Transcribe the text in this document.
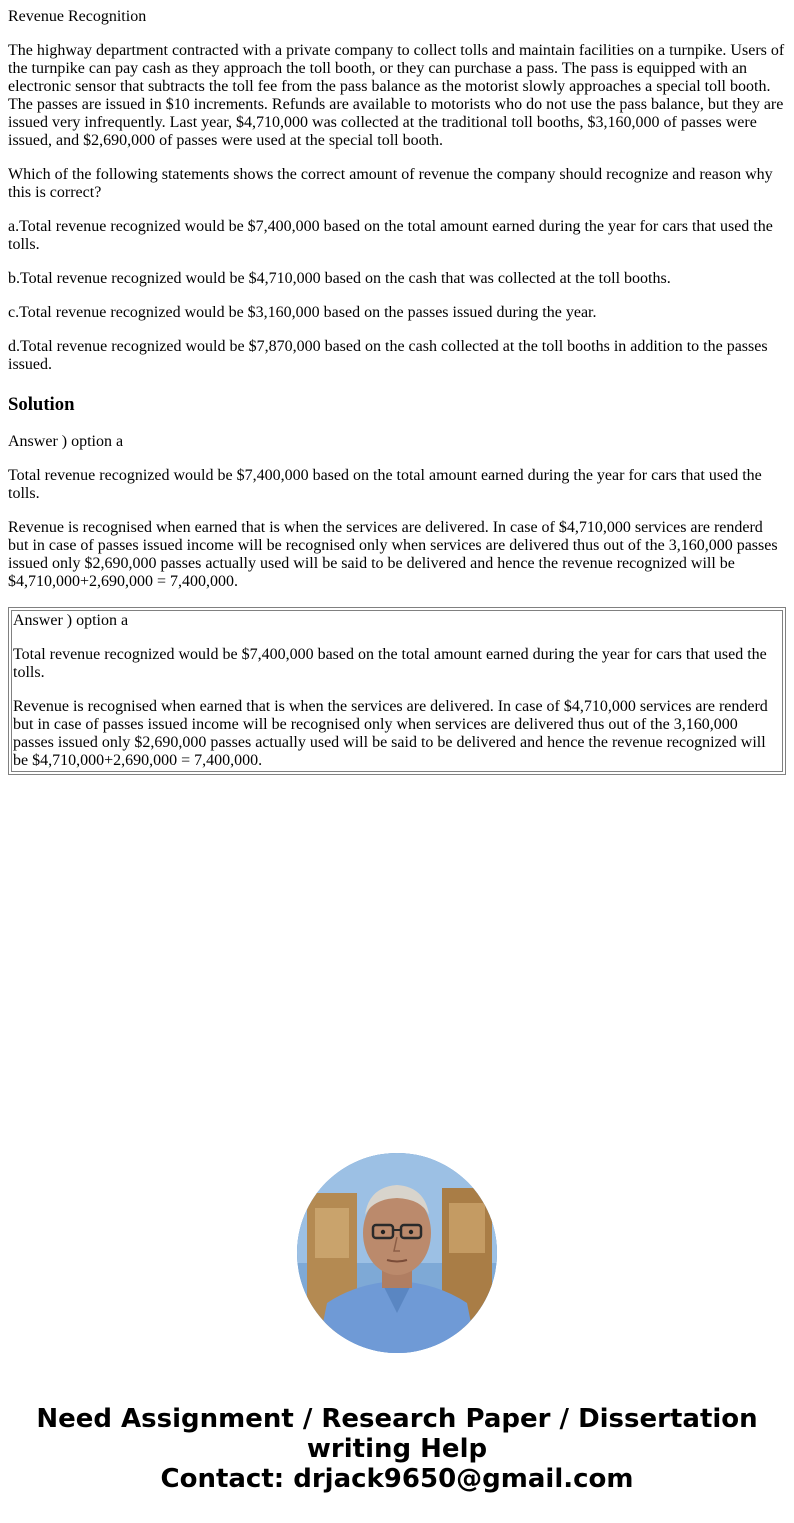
Revenue Recognition

The highway department contracted with a private company to collect tolls and maintain facilities on a turnpike. Users of the turnpike can pay cash as they approach the toll booth, or they can purchase a pass. The pass is equipped with an electronic sensor that subtracts the toll fee from the pass balance as the motorist slowly approaches a special toll booth. The passes are issued in $10 increments. Refunds are available to motorists who do not use the pass balance, but they are issued very infrequently. Last year, $4,710,000 was collected at the traditional toll booths, $3,160,000 of passes were issued, and $2,690,000 of passes were used at the special toll booth.

Which of the following statements shows the correct amount of revenue the company should recognize and reason why this is correct?

a.Total revenue recognized would be $7,400,000 based on the total amount earned during the year for cars that used the tolls.

b.Total revenue recognized would be $4,710,000 based on the cash that was collected at the toll booths.

c.Total revenue recognized would be $3,160,000 based on the passes issued during the year.

d.Total revenue recognized would be $7,870,000 based on the cash collected at the toll booths in addition to the passes issued.

Solution

Answer ) option a

Total revenue recognized would be $7,400,000 based on the total amount earned during the year for cars that used the tolls.

Revenue is recognised when earned that is when the services are delivered. In case of $4,710,000 services are renderd but in case of passes issued income will be recognised only when services are delivered thus out of the 3,160,000 passes issued only $2,690,000 passes actually used will be said to be delivered and hence the revenue recognized will be $4,710,000+2,690,000 = 7,400,000.

Answer ) option a

Total revenue recognized would be $7,400,000 based on the total amount earned during the year for cars that used the tolls.

Revenue is recognised when earned that is when the services are delivered. In case of $4,710,000 services are renderd but in case of passes issued income will be recognised only when services are delivered thus out of the 3,160,000 passes issued only $2,690,000 passes actually used will be said to be delivered and hence the revenue recognized will be $4,710,000+2,690,000 = 7,400,000.

Need Assignment / Research Paper / Dissertation
writing Help
Contact: drjack9650@gmail.com
